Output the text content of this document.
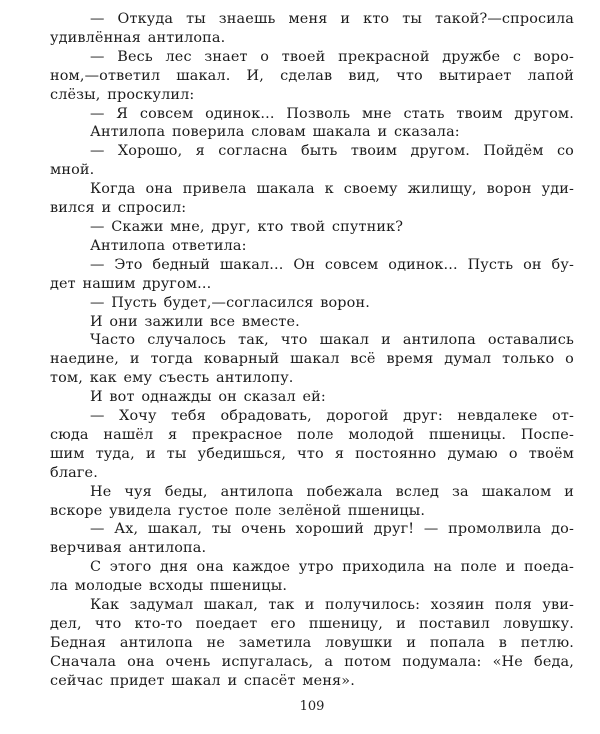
— Откуда ты знаешь меня и кто ты такой?—спросила
удивлённая антилопа.
— Весь лес знает о твоей прекрасной дружбе с воро-
ном,—ответил шакал. И, сделав вид, что вытирает лапой
слёзы, проскулил:
— Я совсем одинок... Позволь мне стать твоим другом.
Антилопа поверила словам шакала и сказала:
— Хорошо, я согласна быть твоим другом. Пойдём со
мной.
Когда она привела шакала к своему жилищу, ворон уди-
вился и спросил:
— Скажи мне, друг, кто твой спутник?
Антилопа ответила:
— Это бедный шакал... Он совсем одинок... Пусть он бу-
дет нашим другом...
— Пусть будет,—согласился ворон.
И они зажили все вместе.
Часто случалось так, что шакал и антилопа оставались
наедине, и тогда коварный шакал всё время думал только о
том, как ему съесть антилопу.
И вот однажды он сказал ей:
— Хочу тебя обрадовать, дорогой друг: невдалеке от-
сюда нашёл я прекрасное поле молодой пшеницы. Поспе-
шим туда, и ты убедишься, что я постоянно думаю о твоём
благе.
Не чуя беды, антилопа побежала вслед за шакалом и
вскоре увидела густое поле зелёной пшеницы.
— Ах, шакал, ты очень хороший друг! — промолвила до-
верчивая антилопа.
С этого дня она каждое утро приходила на поле и поеда-
ла молодые всходы пшеницы.
Как задумал шакал, так и получилось: хозяин поля уви-
дел, что кто-то поедает его пшеницу, и поставил ловушку.
Бедная антилопа не заметила ловушки и попала в петлю.
Сначала она очень испугалась, а потом подумала: «Не беда,
сейчас придет шакал и спасёт меня».
109
